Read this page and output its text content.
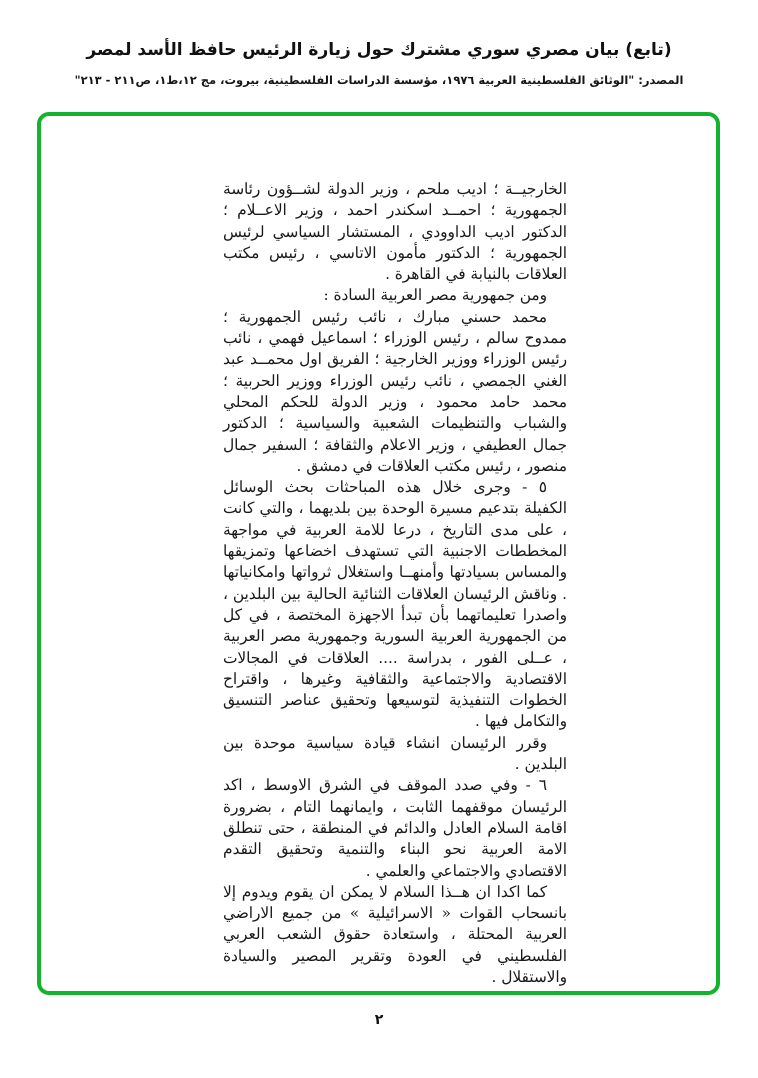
(تابع) بيان مصري سوري مشترك حول زيارة الرئيس حافظ الأسد لمصر
المصدر: "الوثائق الفلسطينية العربية ١٩٧٦، مؤسسة الدراسات الفلسطينية، بيروت، مج ١٢،ط١، ص٢١١ - ٢١٣"

الخارجيــة ؛ اديب ملحم ، وزير الدولة لشــؤون رئاسة الجمهورية ؛ احمــد اسكندر احمد ، وزير الاعــلام ؛ الدكتور اديب الداوودي ، المستشار السياسي لرئيس الجمهورية ؛ الدكتور مأمون الاتاسي ، رئيس مكتب العلاقات بالنيابة في القاهرة .

ومن جمهورية مصر العربية السادة :

محمد حسني مبارك ، نائب رئيس الجمهورية ؛ ممدوح سالم ، رئيس الوزراء ؛ اسماعيل فهمي ، نائب رئيس الوزراء ووزير الخارجية ؛ الفريق اول محمــد عبد الغني الجمصي ، نائب رئيس الوزراء ووزير الحربية ؛ محمد حامد محمود ، وزير الدولة للحكم المحلي والشباب والتنظيمات الشعبية والسياسية ؛ الدكتور جمال العطيفي ، وزير الاعلام والثقافة ؛ السفير جمال منصور ، رئيس مكتب العلاقات في دمشق .

٥ - وجرى خلال هذه المباحثات بحث الوسائل الكفيلة بتدعيم مسيرة الوحدة بين بلديهما ، والتي كانت ، على مدى التاريخ ، درعا للامة العربية في مواجهة المخططات الاجنبية التي تستهدف اخضاعها وتمزيقها والمساس بسيادتها وأمنهــا واستغلال ثرواتها وامكانياتها . وناقش الرئيسان العلاقات الثنائية الحالية بين البلدين ، واصدرا تعليماتهما بأن تبدأ الاجهزة المختصة ، في كل من الجمهورية العربية السورية وجمهورية مصر العربية ، عــلى الفور ، بدراسة .... العلاقات في المجالات الاقتصادية والاجتماعية والثقافية وغيرها ، واقتراح الخطوات التنفيذية لتوسيعها وتحقيق عناصر التنسيق والتكامل فيها .

وقرر الرئيسان انشاء قيادة سياسية موحدة بين البلدين .

٦ - وفي صدد الموقف في الشرق الاوسط ، اكد الرئيسان موقفهما الثابت ، وايمانهما التام ، بضرورة اقامة السلام العادل والدائم في المنطقة ، حتى تنطلق الامة العربية نحو البناء والتنمية وتحقيق التقدم الاقتصادي والاجتماعي والعلمي .

كما اكدا ان هــذا السلام لا يمكن ان يقوم ويدوم إلا بانسحاب القوات « الاسرائيلية » من جميع الاراضي العربية المحتلة ، واستعادة حقوق الشعب العربي الفلسطيني في العودة وتقرير المصير والسيادة والاستقلال .

٢
